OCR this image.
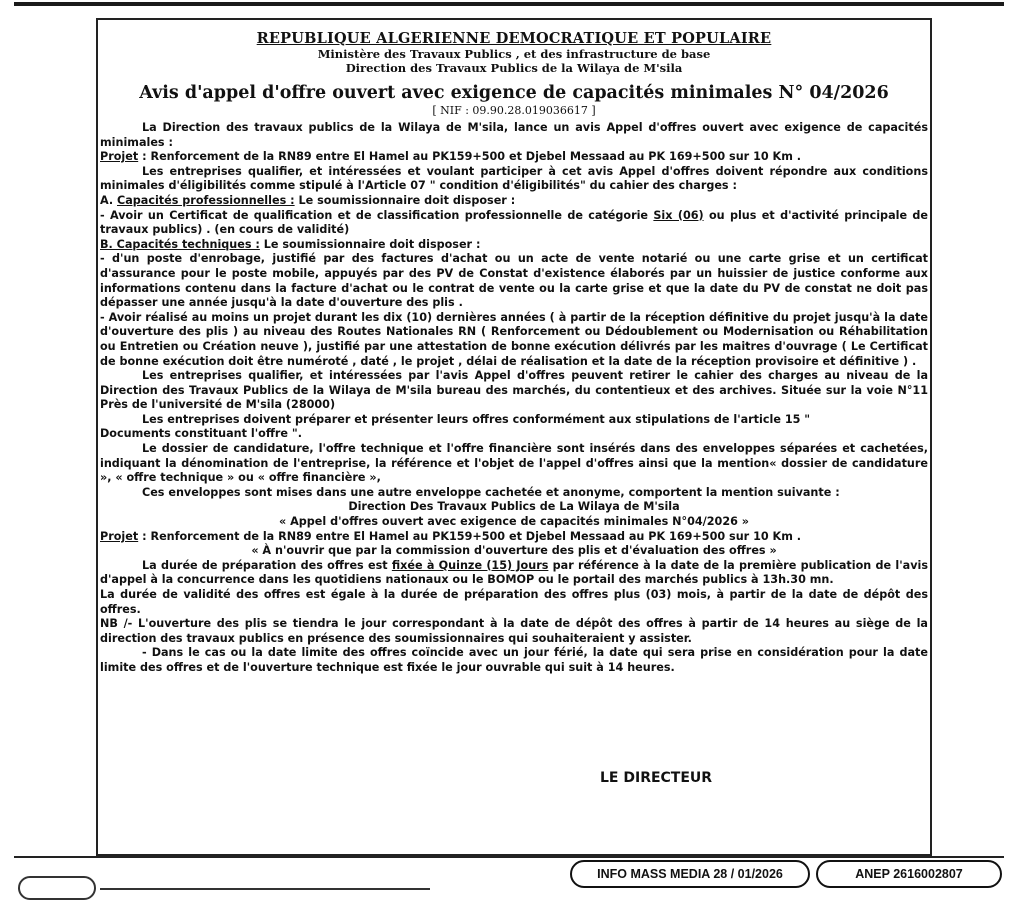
REPUBLIQUE ALGERIENNE DEMOCRATIQUE ET POPULAIRE
Ministère des Travaux Publics , et des infrastructure de base
Direction des Travaux Publics de la Wilaya de M'sila
Avis d'appel d'offre ouvert avec exigence de capacités minimales N° 04/2026
[ NIF : 09.90.28.019036617 ]

La Direction des travaux publics de la Wilaya de M'sila, lance un avis Appel d'offres ouvert avec exigence de capacités minimales :

Projet : Renforcement de la RN89 entre El Hamel au PK159+500 et Djebel Messaad au PK 169+500 sur 10 Km .

Les entreprises qualifier, et intéressées et voulant participer à cet avis Appel d'offres doivent répondre aux conditions minimales d'éligibilités comme stipulé à l'Article 07 " condition d'éligibilités" du cahier des charges :

A. Capacités professionnelles : Le soumissionnaire doit disposer :

- Avoir un Certificat de qualification et de classification professionnelle de catégorie Six (06) ou plus et d'activité principale de travaux publics) . (en cours de validité)

B. Capacités techniques : Le soumissionnaire doit disposer :

- d'un poste d'enrobage, justifié par des factures d'achat ou un acte de vente notarié ou une carte grise et un certificat d'assurance pour le poste mobile, appuyés par des PV de Constat d'existence élaborés par un huissier de justice conforme aux informations contenu dans la facture d'achat ou le contrat de vente ou la carte grise et que la date du PV de constat ne doit pas dépasser une année jusqu'à la date d'ouverture des plis .

- Avoir réalisé au moins un projet durant les dix (10) dernières années ( à partir de la réception définitive du projet jusqu'à la date d'ouverture des plis ) au niveau des Routes Nationales RN ( Renforcement ou Dédoublement ou Modernisation ou Réhabilitation ou Entretien ou Création neuve ), justifié par une attestation de bonne exécution délivrés par les maitres d'ouvrage ( Le Certificat de bonne exécution doit être numéroté , daté , le projet , délai de réalisation et la date de la réception provisoire et définitive ) .

Les entreprises qualifier, et intéressées par l'avis Appel d'offres peuvent retirer le cahier des charges au niveau de la Direction des Travaux Publics de la Wilaya de M'sila bureau des marchés, du contentieux et des archives. Située sur la voie N°11 Près de l'université de M'sila (28000)

Les entreprises doivent préparer et présenter leurs offres conformément aux stipulations de l'article 15 "

Documents constituant l'offre ".

Le dossier de candidature, l'offre technique et l'offre financière sont insérés dans des enveloppes séparées et cachetées, indiquant la dénomination de l'entreprise, la référence et l'objet de l'appel d'offres ainsi que la mention« dossier de candidature », « offre technique » ou « offre financière »,

Ces enveloppes sont mises dans une autre enveloppe cachetée et anonyme, comportent la mention suivante :

Direction Des Travaux Publics de La Wilaya de M'sila

« Appel d'offres ouvert avec exigence de capacités minimales N°04/2026 »

Projet : Renforcement de la RN89 entre El Hamel au PK159+500 et Djebel Messaad au PK 169+500 sur 10 Km .

« À n'ouvrir que par la commission d'ouverture des plis et d'évaluation des offres »

La durée de préparation des offres est fixée à Quinze (15) Jours par référence à la date de la première publication de l'avis d'appel à la concurrence dans les quotidiens nationaux ou le BOMOP ou le portail des marchés publics à 13h.30 mn.

La durée de validité des offres est égale à la durée de préparation des offres plus (03) mois, à partir de la date de dépôt des offres.

NB /- L'ouverture des plis se tiendra le jour correspondant à la date de dépôt des offres à partir de 14 heures au siège de la direction des travaux publics en présence des soumissionnaires qui souhaiteraient y assister.

- Dans le cas ou la date limite des offres coïncide avec un jour férié, la date qui sera prise en considération pour la date limite des offres et de l'ouverture technique est fixée le jour ouvrable qui suit à 14 heures.

LE DIRECTEUR
INFO MASS MEDIA 28 / 01/2026	ANEP 2616002807
